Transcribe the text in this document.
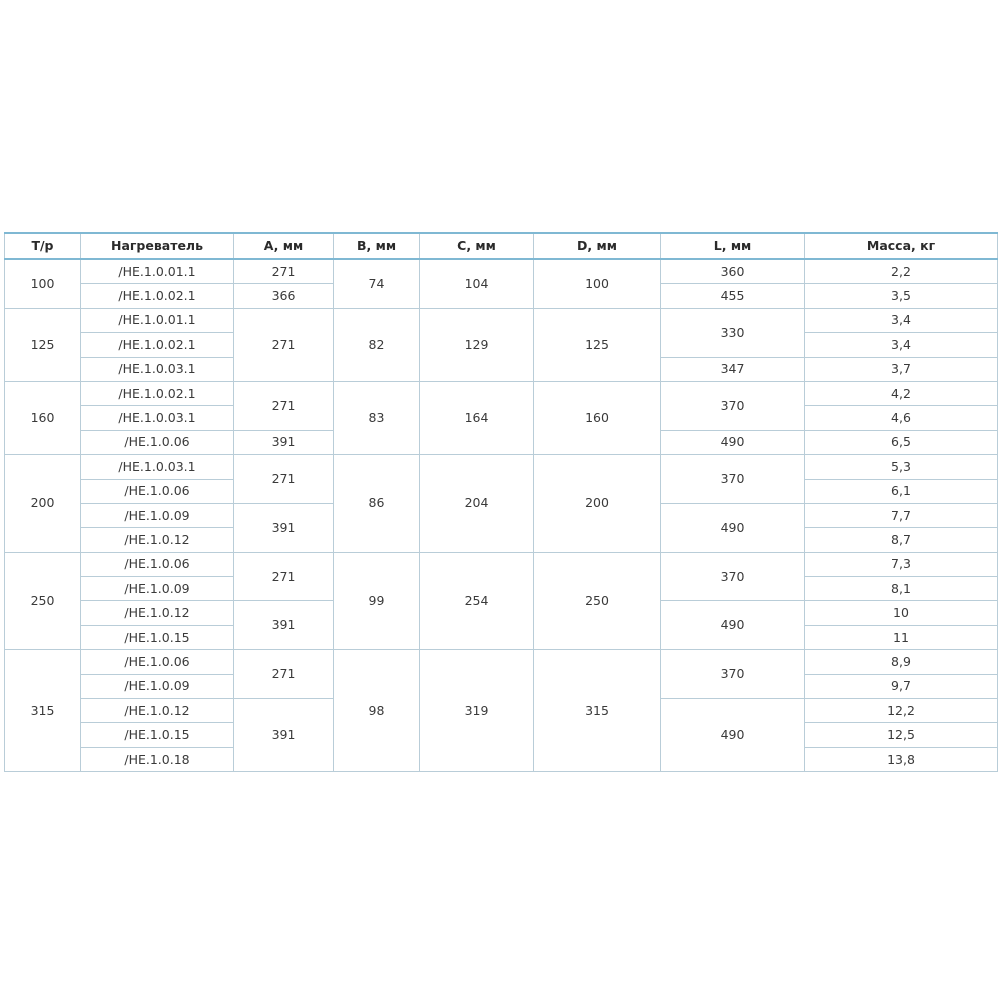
Т/р	Нагреватель	A, мм	B, мм	C, мм	D, мм	L, мм	Масса, кг
100	/HE.1.0.01.1	271	74	104	100	360	2,2
	/HE.1.0.02.1	366				455	3,5
125	/HE.1.0.01.1	271	82	129	125	330	3,4
	/HE.1.0.02.1						3,4
	/HE.1.0.03.1					347	3,7
160	/HE.1.0.02.1	271	83	164	160	370	4,2
	/HE.1.0.03.1						4,6
	/HE.1.0.06	391				490	6,5
200	/HE.1.0.03.1	271	86	204	200	370	5,3
	/HE.1.0.06						6,1
	/HE.1.0.09	391				490	7,7
	/HE.1.0.12						8,7
250	/HE.1.0.06	271	99	254	250	370	7,3
	/HE.1.0.09						8,1
	/HE.1.0.12	391				490	10
	/HE.1.0.15						11
315	/HE.1.0.06	271	98	319	315	370	8,9
	/HE.1.0.09						9,7
	/HE.1.0.12	391				490	12,2
	/HE.1.0.15						12,5
	/HE.1.0.18						13,8
